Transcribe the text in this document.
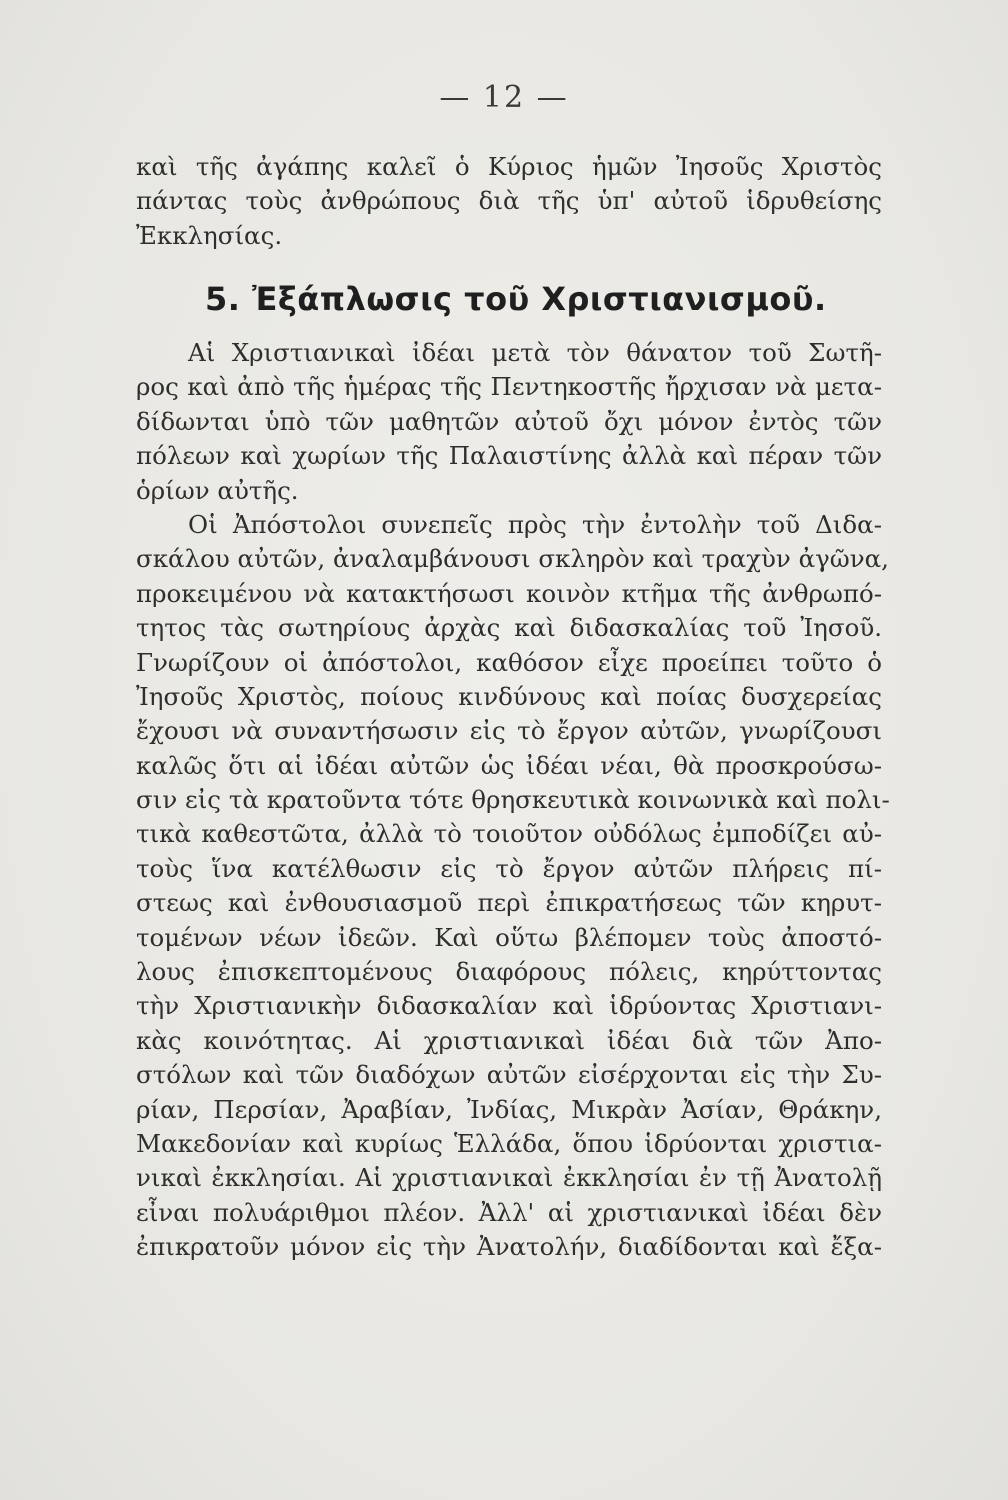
— 12 —
καὶ τῆς ἀγάπης καλεῖ ὁ Κύριος ἡμῶν Ἰησοῦς Χριστὸς
πάντας τοὺς ἀνθρώπους διὰ τῆς ὑπ' αὐτοῦ ἱδρυθείσης
Ἐκκλησίας.
5. Ἐξάπλωσις τοῦ Χριστιανισμοῦ.
Αἱ Χριστιανικαὶ ἰδέαι μετὰ τὸν θάνατον τοῦ Σωτῆ-
ρος καὶ ἀπὸ τῆς ἡμέρας τῆς Πεντηκοστῆς ἤρχισαν νὰ μετα-
δίδωνται ὑπὸ τῶν μαθητῶν αὐτοῦ ὄχι μόνον ἐντὸς τῶν
πόλεων καὶ χωρίων τῆς Παλαιστίνης ἀλλὰ καὶ πέραν τῶν
ὁρίων αὐτῆς.
Οἱ Ἀπόστολοι συνεπεῖς πρὸς τὴν ἐντολὴν τοῦ Διδα-
σκάλου αὐτῶν, ἀναλαμβάνουσι σκληρὸν καὶ τραχὺν ἀγῶνα,
προκειμένου νὰ κατακτήσωσι κοινὸν κτῆμα τῆς ἀνθρωπό-
τητος τὰς σωτηρίους ἀρχὰς καὶ διδασκαλίας τοῦ Ἰησοῦ.
Γνωρίζουν οἱ ἀπόστολοι, καθόσον εἶχε προείπει τοῦτο ὁ
Ἰησοῦς Χριστὸς, ποίους κινδύνους καὶ ποίας δυσχερείας
ἔχουσι νὰ συναντήσωσιν εἰς τὸ ἔργον αὐτῶν, γνωρίζουσι
καλῶς ὅτι αἱ ἰδέαι αὐτῶν ὡς ἰδέαι νέαι, θὰ προσκρούσω-
σιν εἰς τὰ κρατοῦντα τότε θρησκευτικὰ κοινωνικὰ καὶ πολι-
τικὰ καθεστῶτα, ἀλλὰ τὸ τοιοῦτον οὐδόλως ἐμποδίζει αὐ-
τοὺς ἵνα κατέλθωσιν εἰς τὸ ἔργον αὐτῶν πλήρεις πί-
στεως καὶ ἐνθουσιασμοῦ περὶ ἐπικρατήσεως τῶν κηρυτ-
τομένων νέων ἰδεῶν. Καὶ οὕτω βλέπομεν τοὺς ἀποστό-
λους ἐπισκεπτομένους διαφόρους πόλεις, κηρύττοντας
τὴν Χριστιανικὴν διδασκαλίαν καὶ ἱδρύοντας Χριστιανι-
κὰς κοινότητας. Αἱ χριστιανικαὶ ἰδέαι διὰ τῶν Ἀπο-
στόλων καὶ τῶν διαδόχων αὐτῶν εἰσέρχονται εἰς τὴν Συ-
ρίαν, Περσίαν, Ἀραβίαν, Ἰνδίας, Μικρὰν Ἀσίαν, Θράκην,
Μακεδονίαν καὶ κυρίως Ἑλλάδα, ὅπου ἱδρύονται χριστια-
νικαὶ ἐκκλησίαι. Αἱ χριστιανικαὶ ἐκκλησίαι ἐν τῇ Ἀνατολῇ
εἶναι πολυάριθμοι πλέον. Ἀλλ' αἱ χριστιανικαὶ ἰδέαι δὲν
ἐπικρατοῦν μόνον εἰς τὴν Ἀνατολήν, διαδίδονται καὶ ἔξα-
